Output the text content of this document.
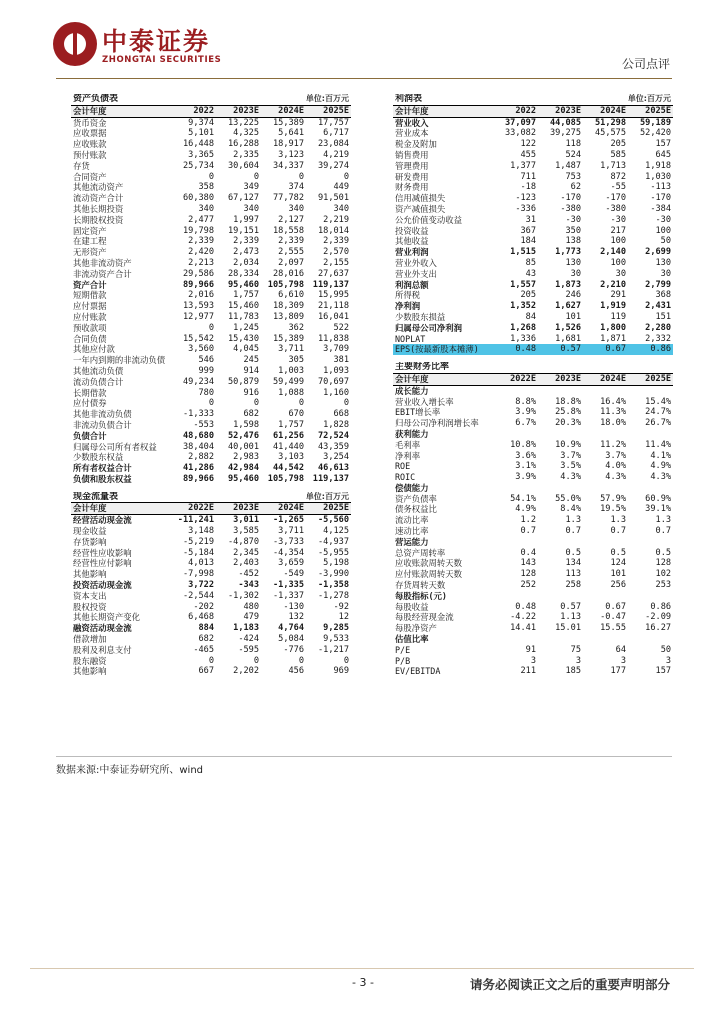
中泰证券
ZHONGTAI SECURITIES	公司点评
资产负债表		单位:百万元		
会计年度	2022	2023E	2024E	2025E
货币资金	9,374	13,225	15,389	17,757
应收票据	5,101	4,325	5,641	6,717
应收账款	16,448	16,288	18,917	23,084
预付账款	3,365	2,335	3,123	4,219
存货	25,734	30,604	34,337	39,274
合同资产	0	0	0	0
其他流动资产	358	349	374	449
流动资产合计	60,380	67,127	77,782	91,501
其他长期投资	340	340	340	340
长期股权投资	2,477	1,997	2,127	2,219
固定资产	19,798	19,151	18,558	18,014
在建工程	2,339	2,339	2,339	2,339
无形资产	2,420	2,473	2,555	2,570
其他非流动资产	2,213	2,034	2,097	2,155
非流动资产合计	29,586	28,334	28,016	27,637
资产合计	89,966	95,460	105,798	119,137
短期借款	2,016	1,757	6,610	15,995
应付票据	13,593	15,460	18,309	21,118
应付账款	12,977	11,783	13,809	16,041
预收款项	0	1,245	362	522
合同负债	15,542	15,430	15,389	11,838
其他应付款	3,560	4,045	3,711	3,709
一年内到期的非流动负债	546	245	305	381
其他流动负债	999	914	1,003	1,093
流动负债合计	49,234	50,879	59,499	70,697
长期借款	780	916	1,088	1,160
应付债券	0	0	0	0
其他非流动负债	-1,333	682	670	668
非流动负债合计	-553	1,598	1,757	1,828
负债合计	48,680	52,476	61,256	72,524
归属母公司所有者权益	38,404	40,001	41,440	43,359
少数股东权益	2,882	2,983	3,103	3,254
所有者权益合计	41,286	42,984	44,542	46,613
负债和股东权益	89,966	95,460	105,798	119,137
现金流量表		单位:百万元		
会计年度	2022E	2023E	2024E	2025E
经营活动现金流	-11,241	3,011	-1,265	-5,560
现金收益	3,148	3,585	3,711	4,125
存货影响	-5,219	-4,870	-3,733	-4,937
经营性应收影响	-5,184	2,345	-4,354	-5,955
经营性应付影响	4,013	2,403	3,659	5,198
其他影响	-7,998	-452	-549	-3,990
投资活动现金流	3,722	-343	-1,335	-1,358
资本支出	-2,544	-1,302	-1,337	-1,278
股权投资	-202	480	-130	-92
其他长期资产变化	6,468	479	132	12
融资活动现金流	884	1,183	4,764	9,285
借款增加	682	-424	5,084	9,533
股利及利息支付	-465	-595	-776	-1,217
股东融资	0	0	0	0
其他影响	667	2,202	456	969
利润表		单位:百万元		
会计年度	2022	2023E	2024E	2025E
营业收入	37,097	44,085	51,298	59,189
营业成本	33,082	39,275	45,575	52,420
税金及附加	122	118	205	157
销售费用	455	524	585	645
管理费用	1,377	1,487	1,713	1,918
研发费用	711	753	872	1,030
财务费用	-18	62	-55	-113
信用减值损失	-123	-170	-170	-170
资产减值损失	-336	-380	-380	-384
公允价值变动收益	31	-30	-30	-30
投资收益	367	350	217	100
其他收益	184	138	100	50
营业利润	1,515	1,773	2,140	2,699
营业外收入	85	130	100	130
营业外支出	43	30	30	30
利润总额	1,557	1,873	2,210	2,799
所得税	205	246	291	368
净利润	1,352	1,627	1,919	2,431
少数股东损益	84	101	119	151
归属母公司净利润	1,268	1,526	1,800	2,280
NOPLAT	1,336	1,681	1,871	2,332
EPS(按最新股本摊薄)	0.48	0.57	0.67	0.86
主要财务比率				
会计年度	2022E	2023E	2024E	2025E
成长能力				
营业收入增长率	8.8%	18.8%	16.4%	15.4%
EBIT增长率	3.9%	25.8%	11.3%	24.7%
归母公司净利润增长率	6.7%	20.3%	18.0%	26.7%
获利能力				
毛利率	10.8%	10.9%	11.2%	11.4%
净利率	3.6%	3.7%	3.7%	4.1%
ROE	3.1%	3.5%	4.0%	4.9%
ROIC	3.9%	4.3%	4.3%	4.3%
偿债能力				
资产负债率	54.1%	55.0%	57.9%	60.9%
债务权益比	4.9%	8.4%	19.5%	39.1%
流动比率	1.2	1.3	1.3	1.3
速动比率	0.7	0.7	0.7	0.7
营运能力				
总资产周转率	0.4	0.5	0.5	0.5
应收账款周转天数	143	134	124	128
应付账款周转天数	128	113	101	102
存货周转天数	252	258	256	253
每股指标(元)				
每股收益	0.48	0.57	0.67	0.86
每股经营现金流	-4.22	1.13	-0.47	-2.09
每股净资产	14.41	15.01	15.55	16.27
估值比率				
P/E	91	75	64	50
P/B	3	3	3	3
EV/EBITDA	211	185	177	157
数据来源:中泰证券研究所、wind
- 3 -	请务必阅读正文之后的重要声明部分
